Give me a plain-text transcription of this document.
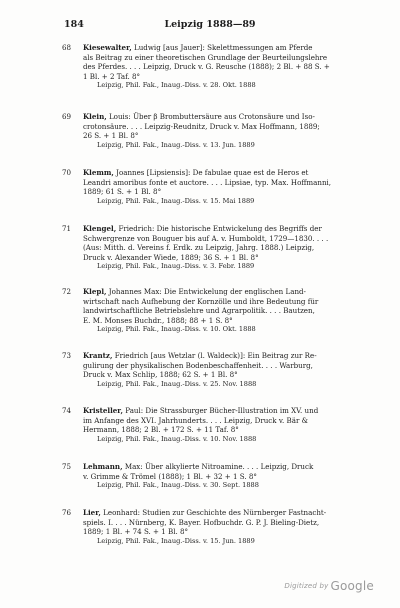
184	Leipzig 1888—89
68	Kiesewalter, Ludwig [aus Jauer]: Skelettmessungen am Pferde
als Beitrag zu einer theoretischen Grundlage der Beurteilungslehre
des Pferdes. . . . Leipzig, Druck v. G. Reusche (1888); 2 Bl. + 88 S. +
1 Bl. + 2 Taf. 8°
Leipzig, Phil. Fak., Inaug.-Diss. v. 28. Okt. 1888
69	Klein, Louis: Über β Brombuttersäure aus Crotonsäure und Iso-
crotonsäure. . . . Leipzig-Reudnitz, Druck v. Max Hoffmann, 1889;
26 S. + 1 Bl. 8°
Leipzig, Phil. Fak., Inaug.-Diss. v. 13. Jun. 1889
70	Klemm, Joannes [Lipsiensis]: De fabulae quae est de Heros et
Leandri amoribus fonte et auctore. . . . Lipsiae, typ. Max. Hoffmanni,
1889; 61 S. + 1 Bl. 8°
Leipzig, Phil. Fak., Inaug.-Diss. v. 15. Mai 1889
71	Klengel, Friedrich: Die historische Entwickelung des Begriffs der
Schwergrenze von Bouguer bis auf A. v. Humboldt, 1729—1830. . . .
(Aus: Mitth. d. Vereins f. Erdk. zu Leipzig, Jahrg. 1888.) Leipzig,
Druck v. Alexander Wiede, 1889; 36 S. + 1 Bl. 8°
Leipzig, Phil. Fak., Inaug.-Diss. v. 3. Febr. 1889
72	Klepl, Johannes Max: Die Entwickelung der englischen Land-
wirtschaft nach Aufhebung der Kornzölle und ihre Bedeutung für
landwirtschaftliche Betriebslehre und Agrarpolitik. . . . Bautzen,
E. M. Monses Buchdr., 1888; 88 + 1 S. 8°
Leipzig, Phil. Fak., Inaug.-Diss. v. 10. Okt. 1888
73	Krantz, Friedrich [aus Wetzlar (l. Waldeck)]: Ein Beitrag zur Re-
gulirung der physikalischen Bodenbeschaffenheit. . . . Warburg,
Druck v. Max Schlip, 1888; 62 S. + 1 Bl. 8°
Leipzig, Phil. Fak., Inaug.-Diss. v. 25. Nov. 1888
74	Kristeller, Paul: Die Strassburger Bücher-Illustration im XV. und
im Anfange des XVI. Jahrhunderts. . . . Leipzig, Druck v. Bär &
Hermann, 1888; 2 Bl. + 172 S. + 11 Taf. 8°
Leipzig, Phil. Fak., Inaug.-Diss. v. 10. Nov. 1888
75	Lehmann, Max: Über alkylierte Nitroamine. . . . Leipzig, Druck
v. Grimme & Trömel (1888); 1 Bl. + 32 + 1 S. 8°
Leipzig, Phil. Fak., Inaug.-Diss. v. 30. Sept. 1888
76	Lier, Leonhard: Studien zur Geschichte des Nürnberger Fastnacht-
spiels. I. . . . Nürnberg, K. Bayer. Hofbuchdr. G. P. J. Bieling-Dietz,
1889; 1 Bl. + 74 S. + 1 Bl. 8°
Leipzig, Phil. Fak., Inaug.-Diss. v. 15. Jun. 1889
Digitized by Google
